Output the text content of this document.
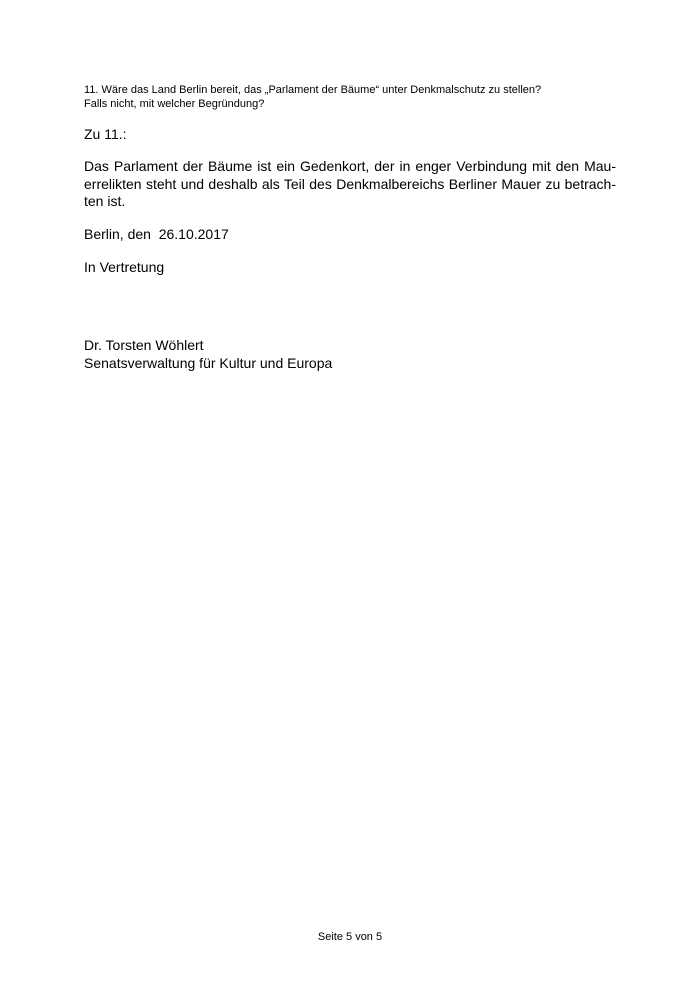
11. Wäre das Land Berlin bereit, das „Parlament der Bäume“ unter Denkmalschutz zu stellen?
Falls nicht, mit welcher Begründung?
Zu 11.:
Das Parlament der Bäume ist ein Gedenkort, der in enger Verbindung mit den Mau-
errelikten steht und deshalb als Teil des Denkmalbereichs Berliner Mauer zu betrach-
ten ist.
Berlin, den  26.10.2017
In Vertretung
Dr. Torsten Wöhlert
Senatsverwaltung für Kultur und Europa
Seite 5 von 5
